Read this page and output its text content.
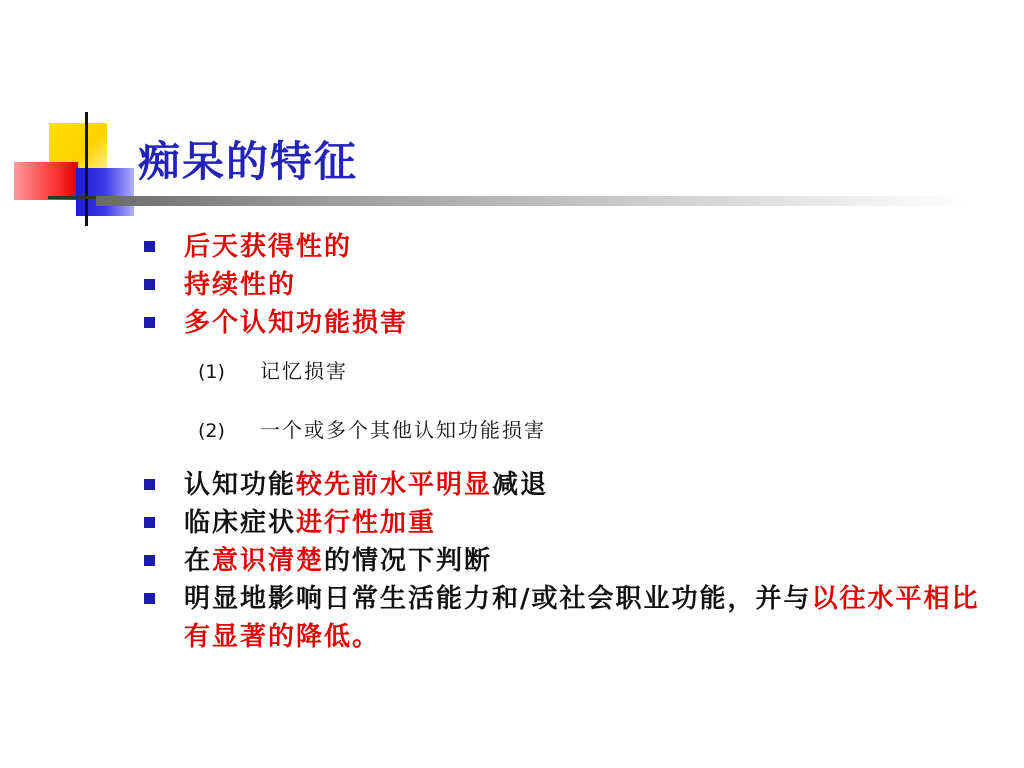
痴呆的特征
后天获得性的
持续性的
多个认知功能损害
(1) 记忆损害
(2) 一个或多个其他认知功能损害
认知功能较先前水平明显减退
临床症状进行性加重
在意识清楚的情况下判断
明显地影响日常生活能力和/或社会职业功能，并与以往水平相比有显著的降低。
